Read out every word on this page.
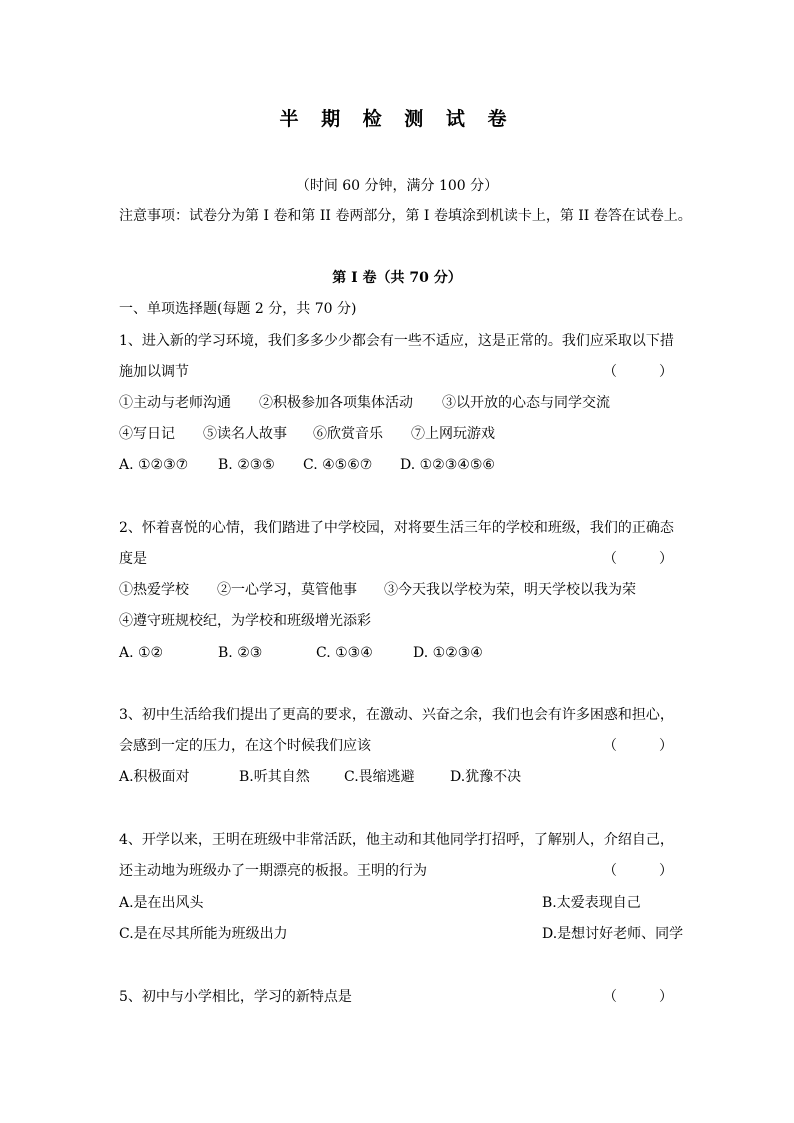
半 期 检 测 试 卷
（时间 60 分钟，满分 100 分）
注意事项：试卷分为第 I 卷和第 II 卷两部分，第 I 卷填涂到机读卡上，第 II 卷答在试卷上。
第 I 卷（共 70 分）
一、单项选择题(每题 2 分，共 70 分)
1、进入新的学习环境，我们多多少少都会有一些不适应，这是正常的。我们应采取以下措
施加以调节	（　　　）
①主动与老师沟通 ②积极参加各项集体活动 ③以开放的心态与同学交流
④写日记 ⑤读名人故事 ⑥欣赏音乐 ⑦上网玩游戏
A. ①②③⑦ B. ②③⑤ C. ④⑤⑥⑦ D. ①②③④⑤⑥
2、怀着喜悦的心情，我们踏进了中学校园，对将要生活三年的学校和班级，我们的正确态
度是	（　　　）
①热爱学校 ②一心学习，莫管他事 ③今天我以学校为荣，明天学校以我为荣
④遵守班规校纪，为学校和班级增光添彩
A. ①②	B. ②③	C. ①③④	D. ①②③④
3、初中生活给我们提出了更高的要求，在激动、兴奋之余，我们也会有许多困惑和担心，
会感到一定的压力，在这个时候我们应该	（　　　）
A.积极面对	B.听其自然 C.畏缩逃避	D.犹豫不决
4、开学以来，王明在班级中非常活跃，他主动和其他同学打招呼，了解别人，介绍自己，
还主动地为班级办了一期漂亮的板报。王明的行为	（　　　）
A.是在出风头	B.太爱表现自己
C.是在尽其所能为班级出力	D.是想讨好老师、同学
5、初中与小学相比，学习的新特点是	（　　　）
